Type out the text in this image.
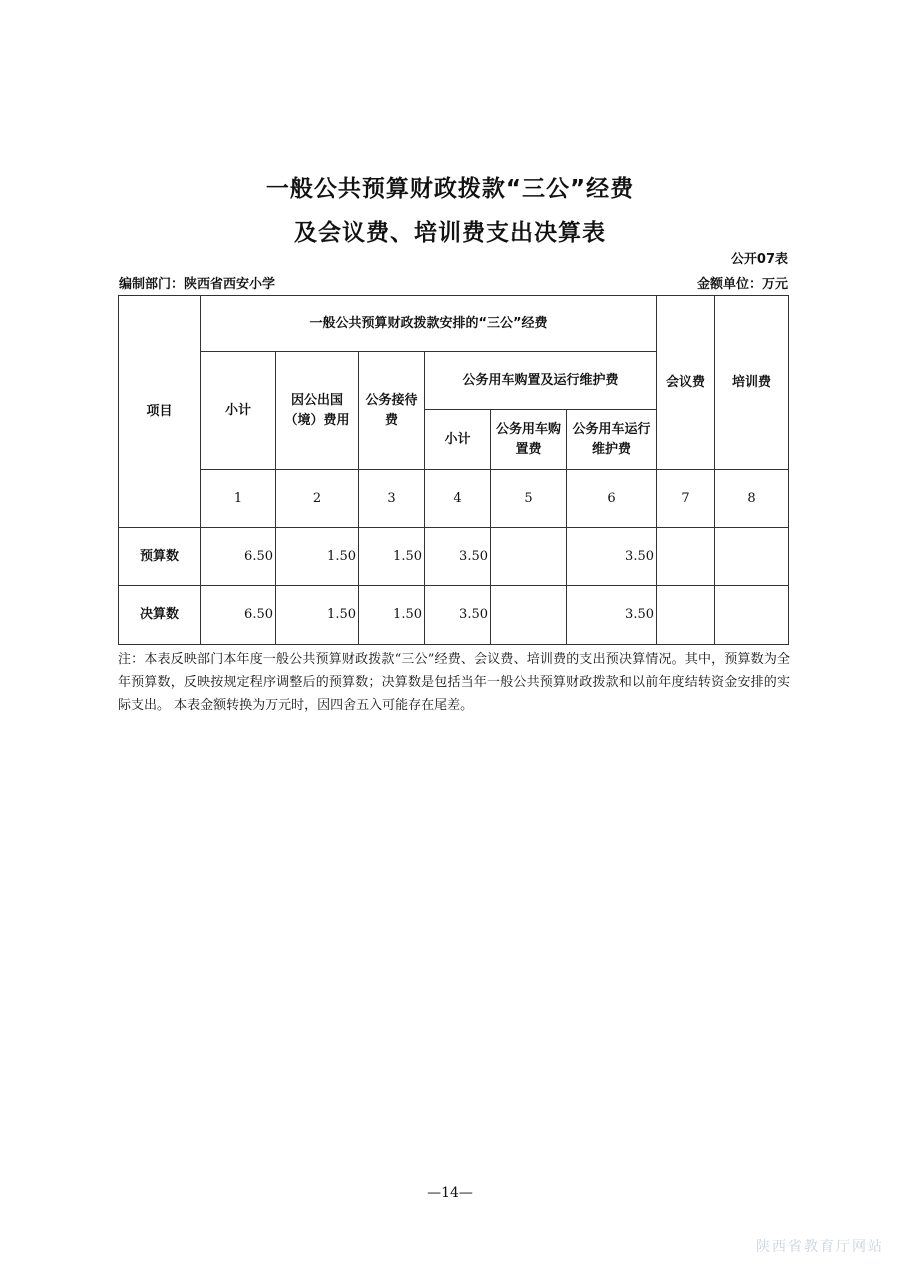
一般公共预算财政拨款“三公”经费
及会议费、培训费支出决算表
公开07表
编制部门：陕西省西安小学	金额单位：万元
项目	一般公共预算财政拨款安排的“三公”经费						会议费	培训费
	小计	因公出国（境）费用	公务接待费	公务用车购置及运行维护费				
				小计	公务用车购置费	公务用车运行维护费		
	1	2	3	4	5	6	7	8
预算数	6.50	1.50	1.50	3.50		3.50		
决算数	6.50	1.50	1.50	3.50		3.50		
注：本表反映部门本年度一般公共预算财政拨款“三公”经费、会议费、培训费的支出预决算情况。其中，预算数为全年预算数，反映按规定程序调整后的预算数；决算数是包括当年一般公共预算财政拨款和以前年度结转资金安排的实际支出。 本表金额转换为万元时，因四舍五入可能存在尾差。
—14—
陕西省教育厅网站
